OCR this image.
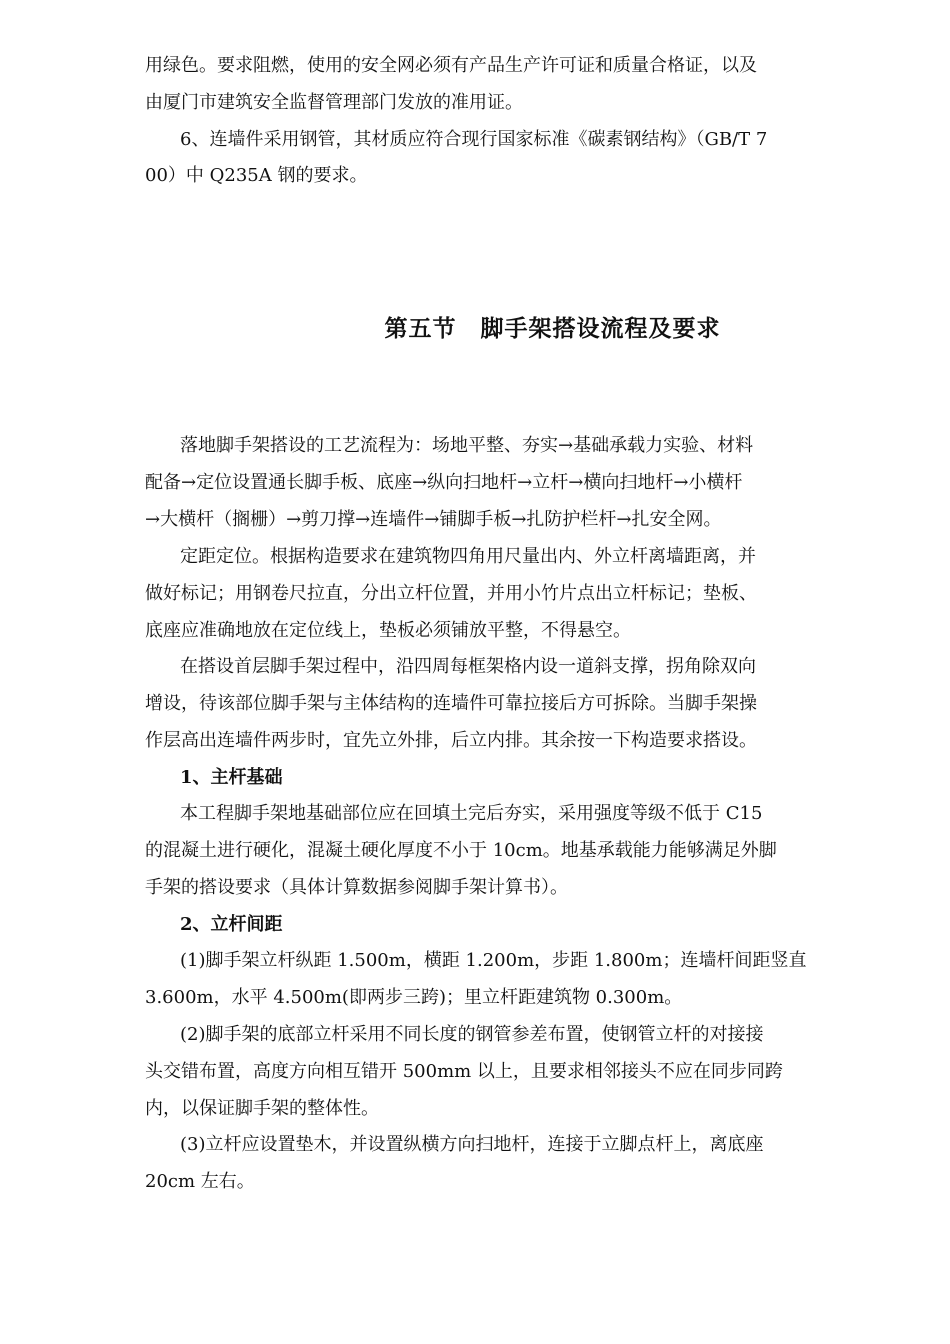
用绿色。要求阻燃，使用的安全网必须有产品生产许可证和质量合格证，以及
由厦门市建筑安全监督管理部门发放的准用证。
6、连墙件采用钢管，其材质应符合现行国家标准《碳素钢结构》（GB/T 7
00）中 Q235A 钢的要求。
第五节　脚手架搭设流程及要求
落地脚手架搭设的工艺流程为：场地平整、夯实→基础承载力实验、材料
配备→定位设置通长脚手板、底座→纵向扫地杆→立杆→横向扫地杆→小横杆
→大横杆（搁栅）→剪刀撑→连墙件→铺脚手板→扎防护栏杆→扎安全网。
定距定位。根据构造要求在建筑物四角用尺量出内、外立杆离墙距离，并
做好标记；用钢卷尺拉直，分出立杆位置，并用小竹片点出立杆标记；垫板、
底座应准确地放在定位线上，垫板必须铺放平整，不得悬空。
在搭设首层脚手架过程中，沿四周每框架格内设一道斜支撑，拐角除双向
增设，待该部位脚手架与主体结构的连墙件可靠拉接后方可拆除。当脚手架操
作层高出连墙件两步时，宜先立外排，后立内排。其余按一下构造要求搭设。
1、主杆基础
本工程脚手架地基础部位应在回填土完后夯实，采用强度等级不低于 C15
的混凝土进行硬化，混凝土硬化厚度不小于 10cm。地基承载能力能够满足外脚
手架的搭设要求（具体计算数据参阅脚手架计算书）。
2、立杆间距
(1)脚手架立杆纵距 1.500m，横距 1.200m，步距 1.800m；连墙杆间距竖直
3.600m，水平 4.500m(即两步三跨)；里立杆距建筑物 0.300m。
(2)脚手架的底部立杆采用不同长度的钢管参差布置，使钢管立杆的对接接
头交错布置，高度方向相互错开 500mm 以上，且要求相邻接头不应在同步同跨
内，以保证脚手架的整体性。
(3)立杆应设置垫木，并设置纵横方向扫地杆，连接于立脚点杆上，离底座
20cm 左右。
